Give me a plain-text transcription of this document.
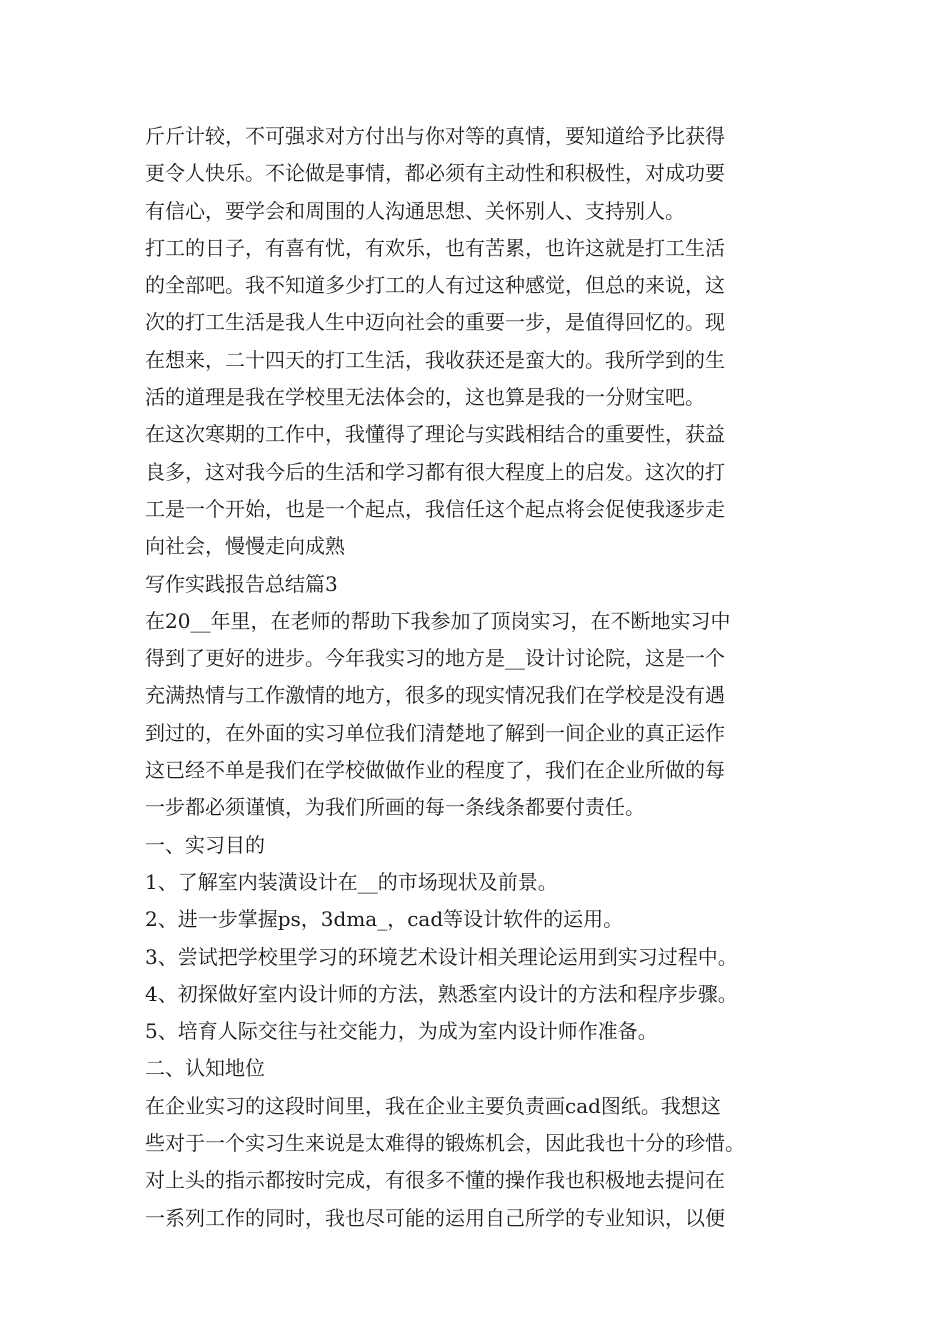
斤斤计较，不可强求对方付出与你对等的真情，要知道给予比获得
更令人快乐。不论做是事情，都必须有主动性和积极性，对成功要
有信心，要学会和周围的人沟通思想、关怀别人、支持别人。
打工的日子，有喜有忧，有欢乐，也有苦累，也许这就是打工生活
的全部吧。我不知道多少打工的人有过这种感觉，但总的来说，这
次的打工生活是我人生中迈向社会的重要一步，是值得回忆的。现
在想来，二十四天的打工生活，我收获还是蛮大的。我所学到的生
活的道理是我在学校里无法体会的，这也算是我的一分财宝吧。
在这次寒期的工作中，我懂得了理论与实践相结合的重要性，获益
良多，这对我今后的生活和学习都有很大程度上的启发。这次的打
工是一个开始，也是一个起点，我信任这个起点将会促使我逐步走
向社会，慢慢走向成熟
写作实践报告总结篇3
在20__年里，在老师的帮助下我参加了顶岗实习，在不断地实习中
得到了更好的进步。今年我实习的地方是__设计讨论院，这是一个
充满热情与工作激情的地方，很多的现实情况我们在学校是没有遇
到过的，在外面的实习单位我们清楚地了解到一间企业的真正运作
这已经不单是我们在学校做做作业的程度了，我们在企业所做的每
一步都必须谨慎，为我们所画的每一条线条都要付责任。
一、实习目的
1、了解室内装潢设计在__的市场现状及前景。
2、进一步掌握ps，3dma_，cad等设计软件的运用。
3、尝试把学校里学习的环境艺术设计相关理论运用到实习过程中。
4、初探做好室内设计师的方法，熟悉室内设计的方法和程序步骤。
5、培育人际交往与社交能力，为成为室内设计师作准备。
二、认知地位
在企业实习的这段时间里，我在企业主要负责画cad图纸。我想这
些对于一个实习生来说是太难得的锻炼机会，因此我也十分的珍惜。
对上头的指示都按时完成，有很多不懂的操作我也积极地去提问在
一系列工作的同时，我也尽可能的运用自己所学的专业知识，以便
